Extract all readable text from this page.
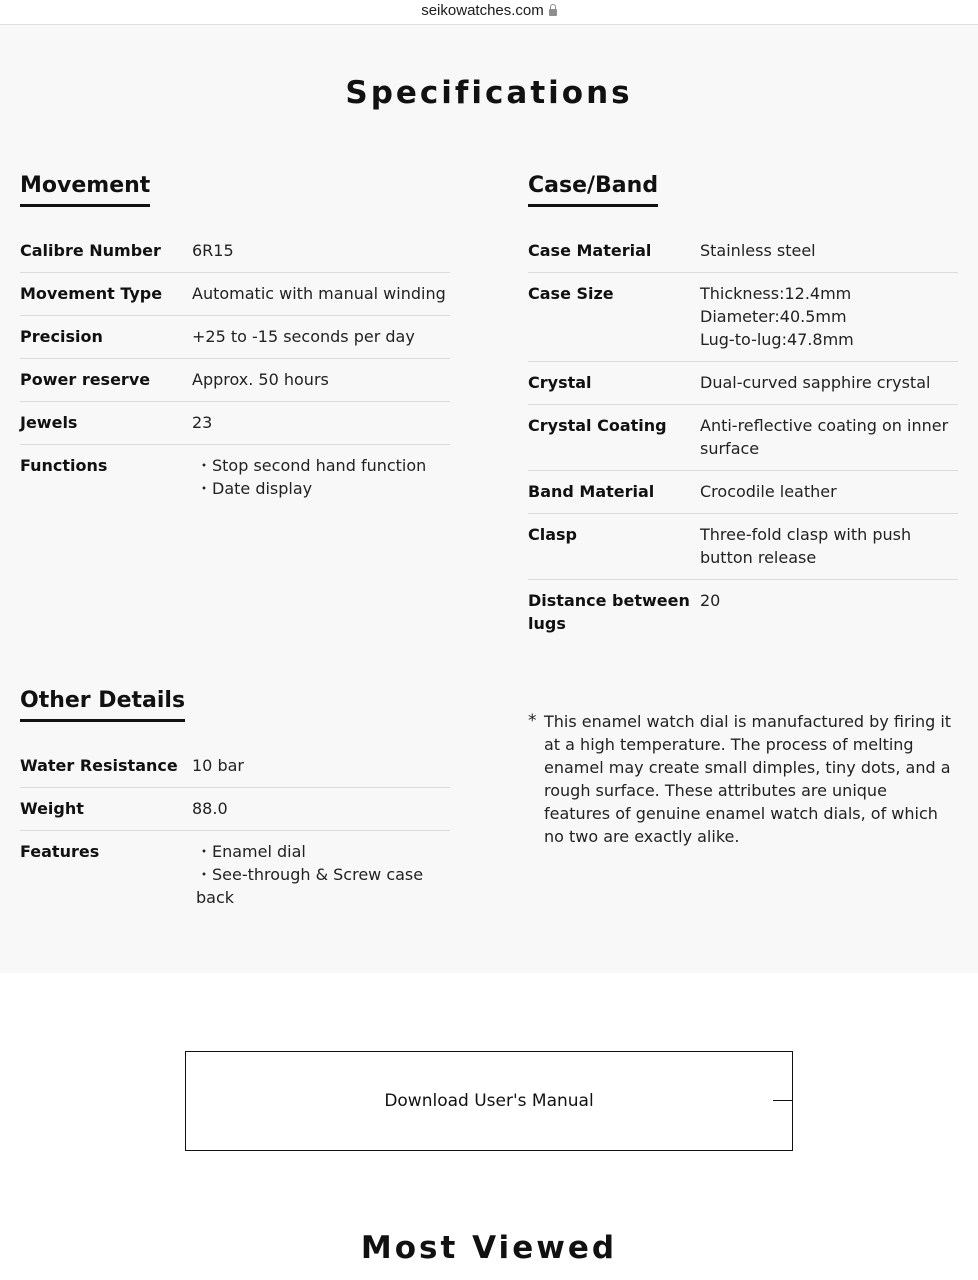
seikowatches.com
Specifications
Movement
Calibre Number	6R15
Movement Type	Automatic with manual winding
Precision	+25 to -15 seconds per day
Power reserve	Approx. 50 hours
Jewels	23
Functions	・Stop second hand function
・Date display
Case/Band
Case Material	Stainless steel
Case Size	Thickness:12.4mm
Diameter:40.5mm
Lug-to-lug:47.8mm

Crystal	Dual-curved sapphire crystal
Crystal Coating	Anti-reflective coating on inner surface
Band Material	Crocodile leather
Clasp	Three-fold clasp with push button release
Distance between lugs	20
Other Details
Water Resistance	10 bar
Weight	88.0
Features	・Enamel dial
・See-through & Screw case back
* This enamel watch dial is manufactured by firing it at a high temperature. The process of melting enamel may create small dimples, tiny dots, and a rough surface. These attributes are unique features of genuine enamel watch dials, of which no two are exactly alike.
Download User's Manual
Most Viewed
